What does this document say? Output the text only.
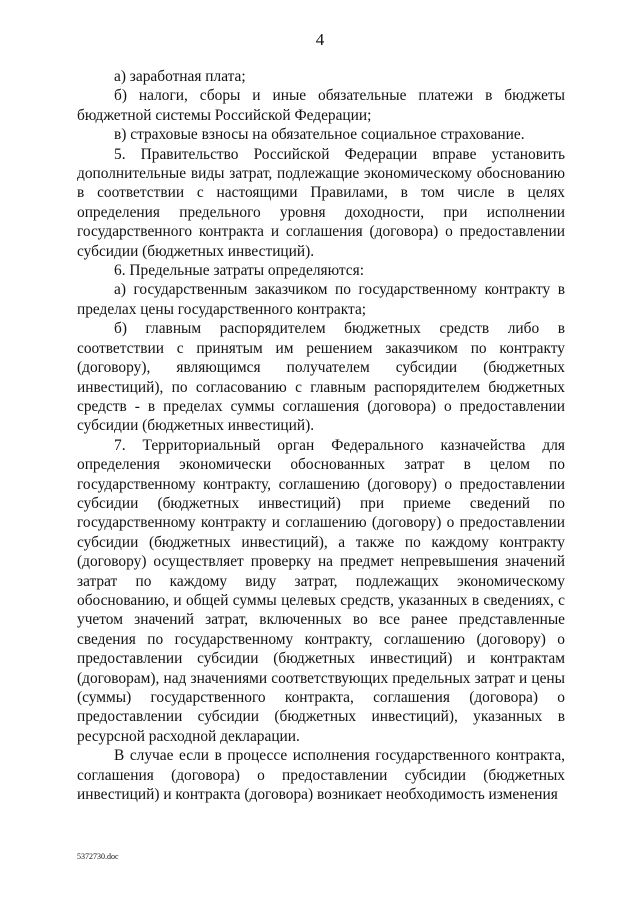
4

а) заработная плата;

б) налоги, сборы и иные обязательные платежи в бюджеты бюджетной системы Российской Федерации;

в) страховые взносы на обязательное социальное страхование.

5. Правительство Российской Федерации вправе установить дополнительные виды затрат, подлежащие экономическому обоснованию в соответствии с настоящими Правилами, в том числе в целях определения предельного уровня доходности, при исполнении государственного контракта и соглашения (договора) о предоставлении субсидии (бюджетных инвестиций).

6. Предельные затраты определяются:

а) государственным заказчиком по государственному контракту в пределах цены государственного контракта;

б) главным распорядителем бюджетных средств либо в соответствии с принятым им решением заказчиком по контракту (договору), являющимся получателем субсидии (бюджетных инвестиций), по согласованию с главным распорядителем бюджетных средств - в пределах суммы соглашения (договора) о предоставлении субсидии (бюджетных инвестиций).

7. Территориальный орган Федерального казначейства для определения экономически обоснованных затрат в целом по государственному контракту, соглашению (договору) о предоставлении субсидии (бюджетных инвестиций) при приеме сведений по государственному контракту и соглашению (договору) о предоставлении субсидии (бюджетных инвестиций), а также по каждому контракту (договору) осуществляет проверку на предмет непревышения значений затрат по каждому виду затрат, подлежащих экономическому обоснованию, и общей суммы целевых средств, указанных в сведениях, с учетом значений затрат, включенных во все ранее представленные сведения по государственному контракту, соглашению (договору) о предоставлении субсидии (бюджетных инвестиций) и контрактам (договорам), над значениями соответствующих предельных затрат и цены (суммы) государственного контракта, соглашения (договора) о предоставлении субсидии (бюджетных инвестиций), указанных в ресурсной расходной декларации.

В случае если в процессе исполнения государственного контракта, соглашения (договора) о предоставлении субсидии (бюджетных инвестиций) и контракта (договора) возникает необходимость изменения

5372730.doc
